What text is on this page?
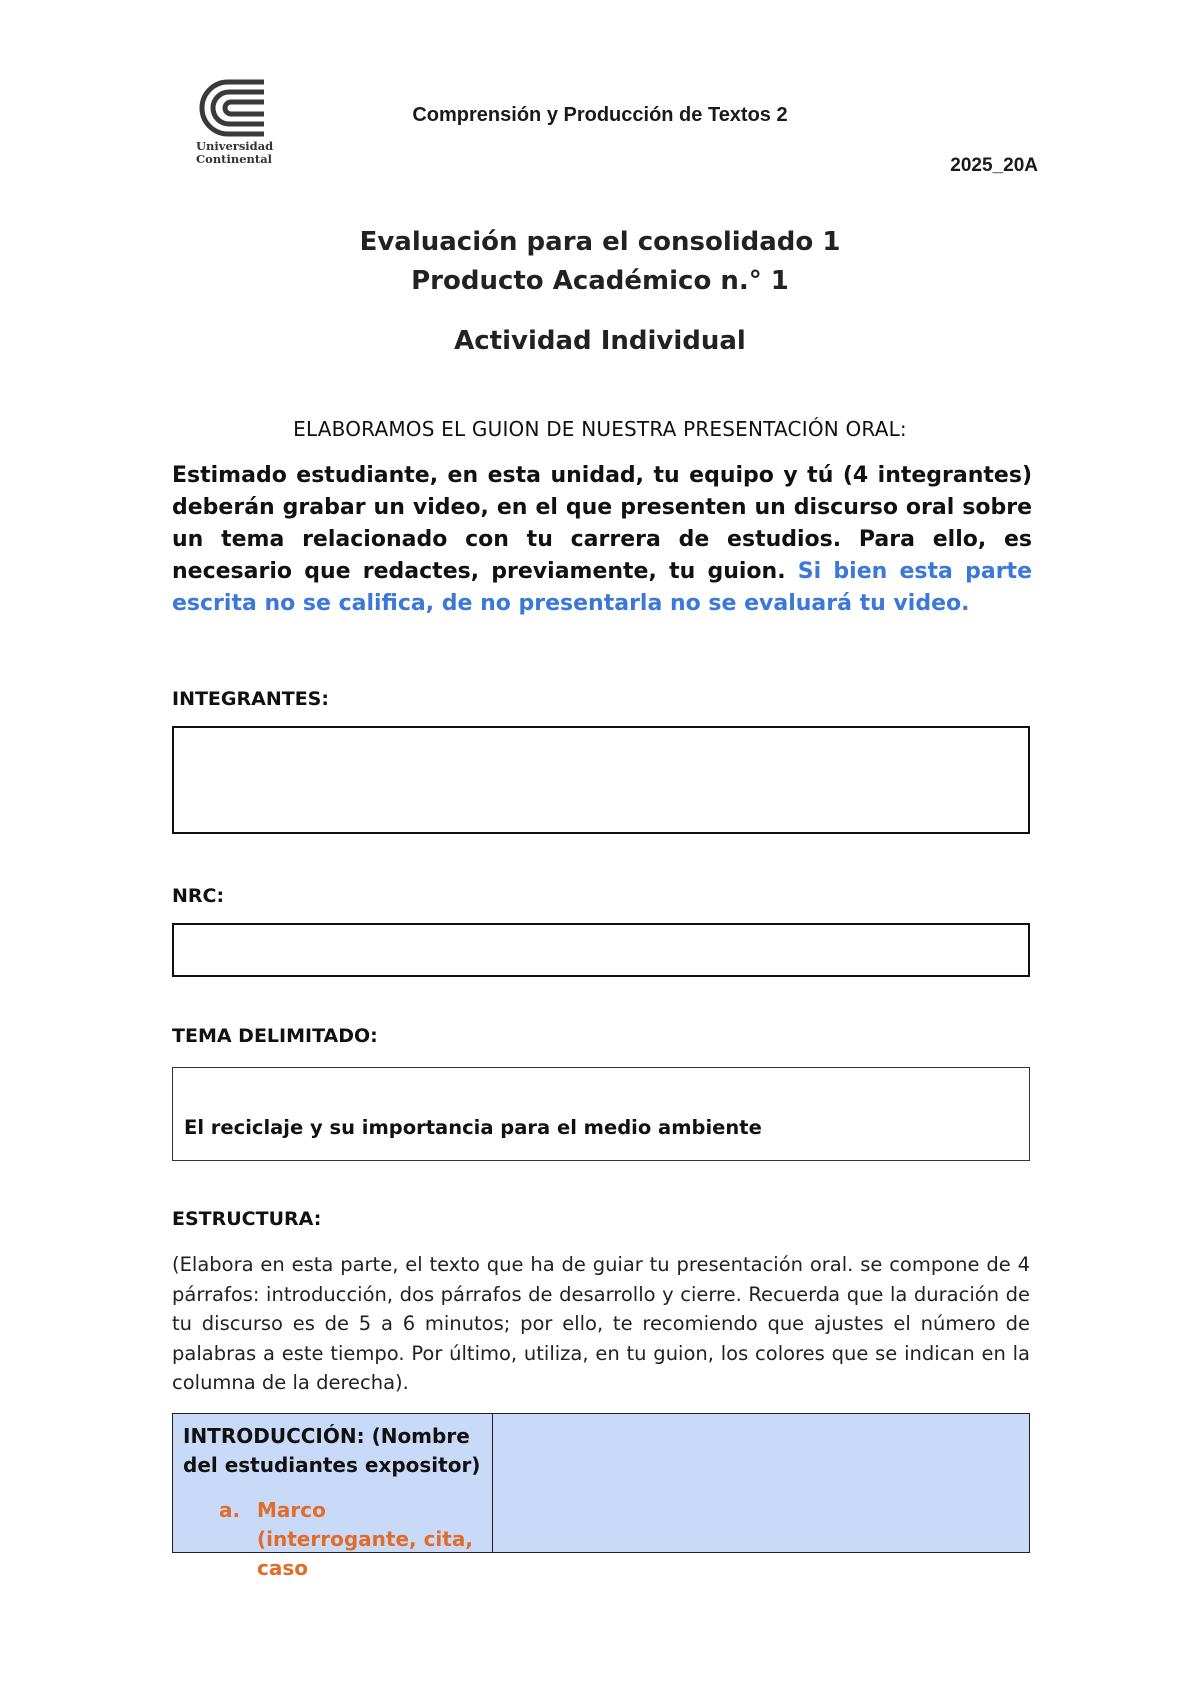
Universidad
Continental
Comprensión y Producción de Textos 2
2025_20A
Evaluación para el consolidado 1
Producto Académico n.° 1
Actividad Individual
ELABORAMOS EL GUION DE NUESTRA PRESENTACIÓN ORAL:
Estimado estudiante, en esta unidad, tu equipo y tú (4 integrantes) deberán grabar un video, en el que presenten un discurso oral sobre un tema relacionado con tu carrera de estudios. Para ello, es necesario que redactes, previamente, tu guion. Si bien esta parte escrita no se califica, de no presentarla no se evaluará tu video.
INTEGRANTES:
NRC:
TEMA DELIMITADO:
El reciclaje y su importancia para el medio ambiente
ESTRUCTURA:
(Elabora en esta parte, el texto que ha de guiar tu presentación oral. se compone de 4 párrafos: introducción, dos párrafos de desarrollo y cierre. Recuerda que la duración de tu discurso es de 5 a 6 minutos; por ello, te recomiendo que ajustes el número de palabras a este tiempo. Por último, utiliza, en tu guion, los colores que se indican en la columna de la derecha).
INTRODUCCIÓN: (Nombre del estudiantes expositor)
a. Marco (interrogante, cita, caso
